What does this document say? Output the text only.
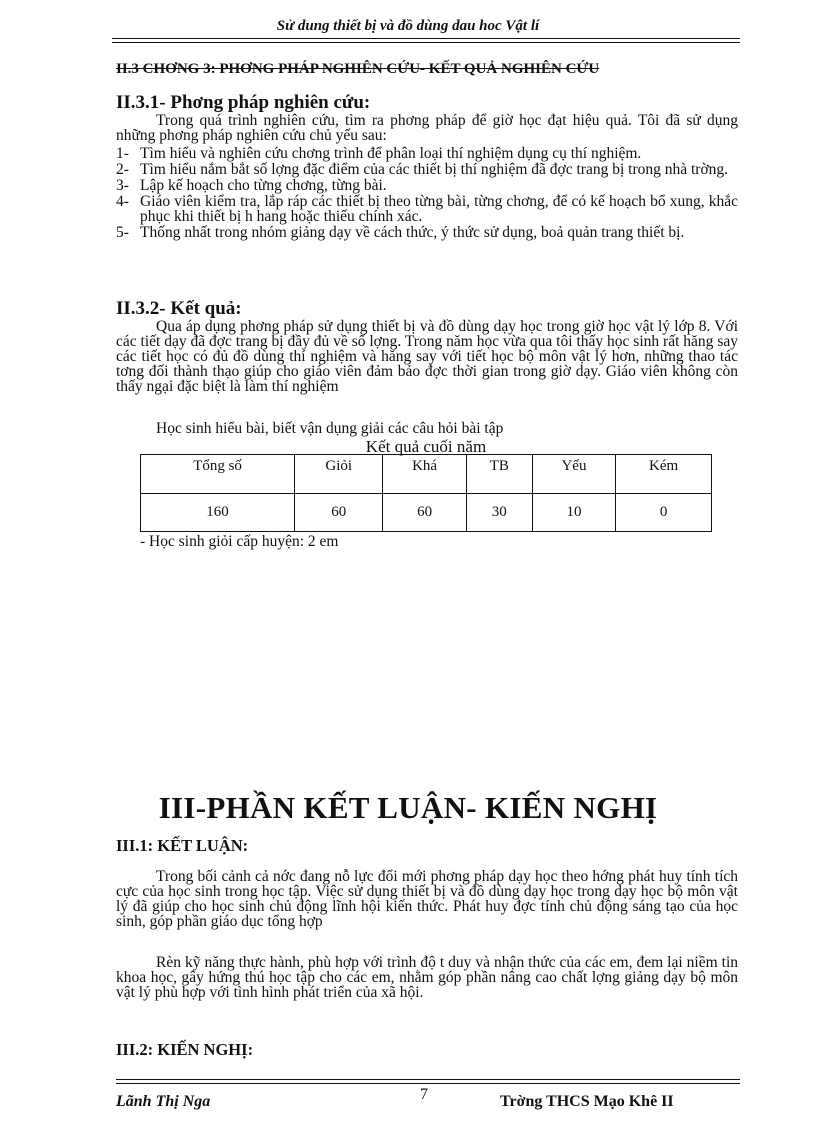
Sử dung thiết bị và đồ dùng dau hoc Vật lí
II.3 CHƠNG 3: PHƠNG PHÁP NGHIÊN CỨU- KẾT QUẢ NGHIÊN CỨU
II.3.1- Phơng pháp nghiên cứu:
Trong quá trình nghiên cứu, tìm ra phơng pháp để giờ học đạt hiệu quả. Tôi đã sử dụng những phơng pháp nghiên cứu chủ yếu sau:
1- Tìm hiểu và nghiên cứu chơng trình để phân loại thí nghiệm dụng cụ thí nghiệm.
2- Tìm hiểu nắm bắt số lợng đặc điểm của các thiết bị thí nghiệm đã đợc trang bị trong nhà trờng.
3- Lập kế hoạch cho từng chơng, từng bài.
4- Giáo viên kiểm tra, lắp ráp các thiết bị theo từng bài, từng chơng, để có kế hoạch bổ xung, khắc phục khi thiết bị h hang hoặc thiếu chính xác.
5- Thống nhất trong nhóm giảng dạy về cách thức, ý thức sử dụng, boả quản trang thiết bị.
II.3.2- Kết quả:
Qua áp dụng phơng pháp sử dụng thiết bị và đồ dùng dạy học trong giờ học vật lý lớp 8. Với các tiết dạy đã đợc trang bị đầy đủ về số lợng. Trong năm học vừa qua tôi thấy học sinh rất hăng say các tiết học có đủ đồ dùng thí nghiệm và hăng say với tiết học bộ môn vật lý hơn, những thao tác tơng đối thành thạo giúp cho giáo viên đảm bảo đợc thời gian trong giờ dạy. Giáo viên không còn thấy ngại đặc biệt là làm thí nghiệm
Học sinh hiểu bài, biết vận dụng giải các câu hỏi bài tập
Kết quả cuối năm
Tổng số	Giỏi	Khá	TB	Yếu	Kém
160	60	60	30	10	0
- Học sinh giỏi cấp huyện: 2 em
III-PHẦN KẾT LUẬN- KIẾN NGHỊ
III.1: KẾT LUẬN:
Trong bối cảnh cả nớc đang nỗ lực đổi mới phơng pháp dạy học theo hớng phát huy tính tích cực của học sinh trong học tập. Việc sử dụng thiết bị và đồ dùng dạy học trong dạy học bộ môn vật lý đã giúp cho học sinh chủ động lĩnh hội kiến thức. Phát huy đợc tính chủ động sáng tạo của học sinh, góp phần giáo dục tổng hợp
Rèn kỹ năng thực hành, phù hợp với trình độ t duy và nhận thức của các em, đem lại niềm tin khoa học, gây hứng thú học tập cho các em, nhằm góp phần nâng cao chất lợng giảng dạy bộ môn vật lý phù hợp với tình hình phát triển của xã hội.
III.2: KIẾN NGHỊ:
Lãnh Thị Nga	7	Trờng THCS Mạo Khê II
